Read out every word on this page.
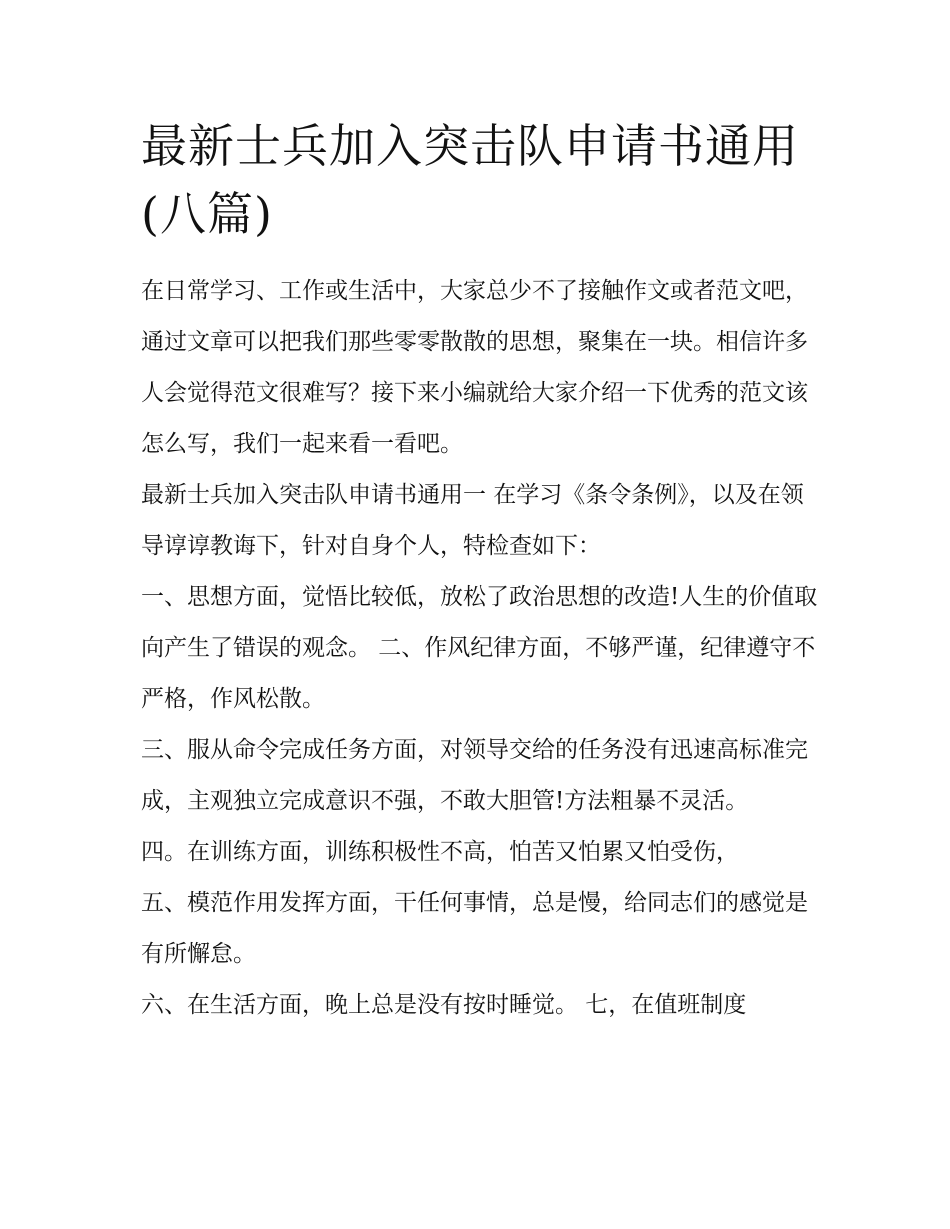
最新士兵加入突击队申请书通用(八篇)

在日常学习、工作或生活中，大家总少不了接触作文或者范文吧，通过文章可以把我们那些零零散散的思想，聚集在一块。相信许多人会觉得范文很难写？接下来小编就给大家介绍一下优秀的范文该怎么写，我们一起来看一看吧。

最新士兵加入突击队申请书通用一 在学习《条令条例》，以及在领导谆谆教诲下，针对自身个人，特检查如下：

一、思想方面，觉悟比较低，放松了政治思想的改造!人生的价值取向产生了错误的观念。 二、作风纪律方面，不够严谨，纪律遵守不严格，作风松散。

三、服从命令完成任务方面，对领导交给的任务没有迅速高标准完成，主观独立完成意识不强，不敢大胆管!方法粗暴不灵活。

四。在训练方面，训练积极性不高，怕苦又怕累又怕受伤，

五、模范作用发挥方面，干任何事情，总是慢，给同志们的感觉是有所懈怠。

六、在生活方面，晚上总是没有按时睡觉。 七，在值班制度
